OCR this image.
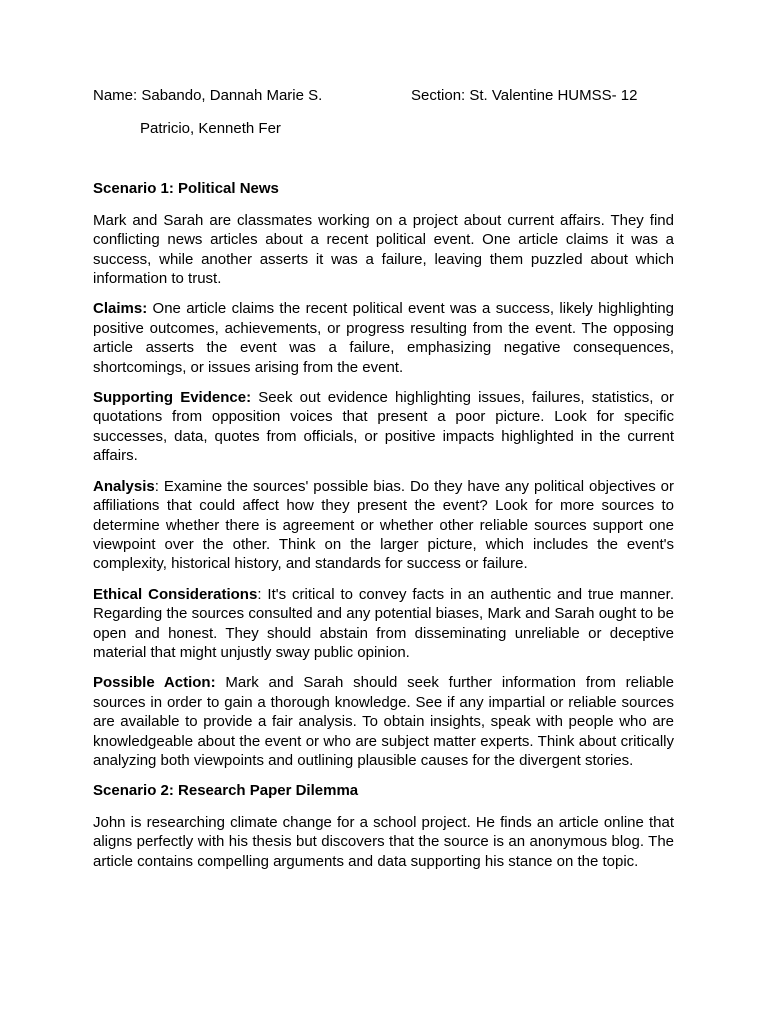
Name: Sabando, Dannah Marie S.	Section: St. Valentine HUMSS- 12
Patricio, Kenneth Fer
Scenario 1: Political News

Mark and Sarah are classmates working on a project about current affairs. They find conflicting news articles about a recent political event. One article claims it was a success, while another asserts it was a failure, leaving them puzzled about which information to trust.

Claims: One article claims the recent political event was a success, likely highlighting positive outcomes, achievements, or progress resulting from the event. The opposing article asserts the event was a failure, emphasizing negative consequences, shortcomings, or issues arising from the event.

Supporting Evidence: Seek out evidence highlighting issues, failures, statistics, or quotations from opposition voices that present a poor picture. Look for specific successes, data, quotes from officials, or positive impacts highlighted in the current affairs.

Analysis: Examine the sources' possible bias. Do they have any political objectives or affiliations that could affect how they present the event? Look for more sources to determine whether there is agreement or whether other reliable sources support one viewpoint over the other. Think on the larger picture, which includes the event's complexity, historical history, and standards for success or failure.

Ethical Considerations: It's critical to convey facts in an authentic and true manner. Regarding the sources consulted and any potential biases, Mark and Sarah ought to be open and honest. They should abstain from disseminating unreliable or deceptive material that might unjustly sway public opinion.

Possible Action: Mark and Sarah should seek further information from reliable sources in order to gain a thorough knowledge. See if any impartial or reliable sources are available to provide a fair analysis. To obtain insights, speak with people who are knowledgeable about the event or who are subject matter experts. Think about critically analyzing both viewpoints and outlining plausible causes for the divergent stories.

Scenario 2: Research Paper Dilemma

John is researching climate change for a school project. He finds an article online that aligns perfectly with his thesis but discovers that the source is an anonymous blog. The article contains compelling arguments and data supporting his stance on the topic.
